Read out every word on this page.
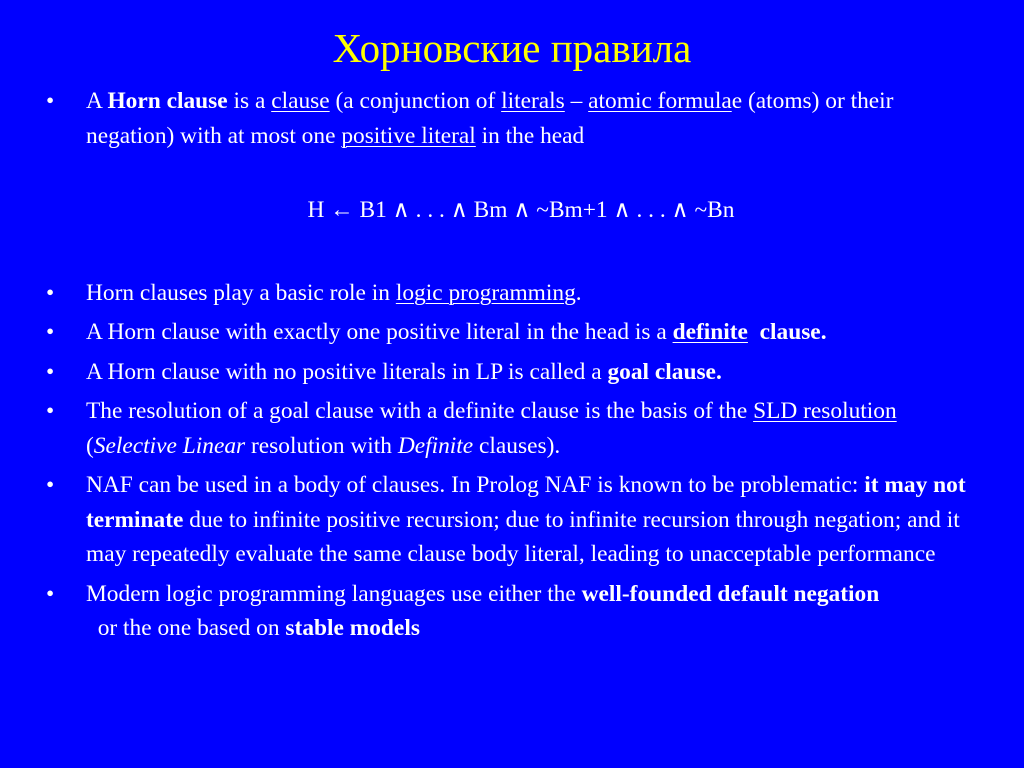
Хорновские правила
• A Horn clause is a clause (a conjunction of literals – atomic formulae (atoms) or their negation) with at most one positive literal in the head
H ← B1 ∧ . . . ∧ Bm ∧ ~Bm+1 ∧ . . . ∧ ~Bn
• Horn clauses play a basic role in logic programming.
• A Horn clause with exactly one positive literal in the head is a definite clause.
• A Horn clause with no positive literals in LP is called a goal clause.
• The resolution of a goal clause with a definite clause is the basis of the SLD resolution (Selective Linear resolution with Definite clauses).
• NAF can be used in a body of clauses. In Prolog NAF is known to be problematic: it may not terminate due to infinite positive recursion; due to infinite recursion through negation; and it may repeatedly evaluate the same clause body literal, leading to unacceptable performance
• Modern logic programming languages use either the well-founded default negation  or the one based on stable models
